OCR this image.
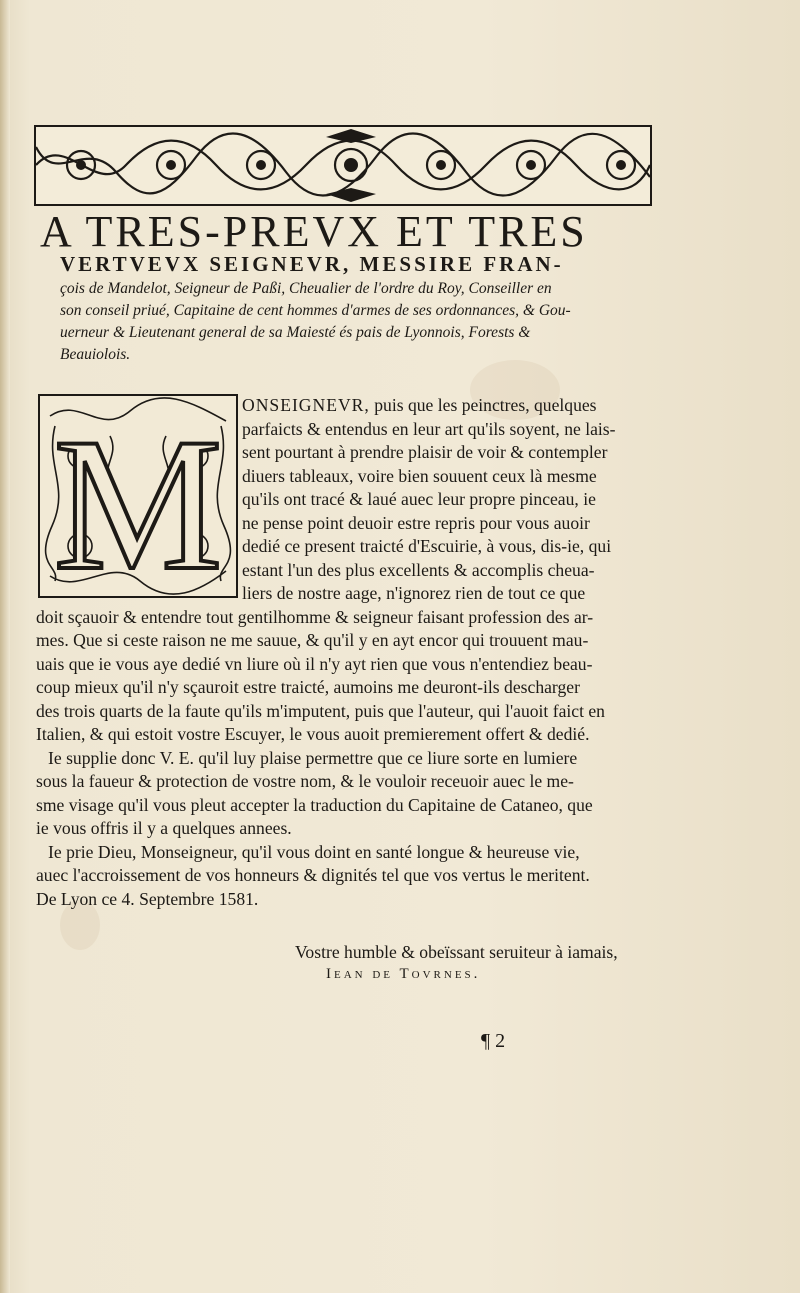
A TRES-PREVX ET TRES
VERTVEVX SEIGNEVR, MESSIRE FRAN-
çois de Mandelot, Seigneur de Paßi, Cheualier de l'ordre du Roy, Conseiller en
son conseil priué, Capitaine de cent hommes d'armes de ses ordonnances, & Gou-
uerneur & Lieutenant general de sa Maiesté és pais de Lyonnois, Forests &
Beauiolois.
M ONSEIGNEVR, puis que les peinctres, quelques
parfaicts & entendus en leur art qu'ils soyent, ne lais-
sent pourtant à prendre plaisir de voir & contempler
diuers tableaux, voire bien souuent ceux là mesme
qu'ils ont tracé & laué auec leur propre pinceau, ie
ne pense point deuoir estre repris pour vous auoir
dedié ce present traicté d'Escuirie, à vous, dis-ie, qui
estant l'un des plus excellents & accomplis cheua-
liers de nostre aage, n'ignorez rien de tout ce que
doit sçauoir & entendre tout gentilhomme & seigneur faisant profession des ar-
mes. Que si ceste raison ne me sauue, & qu'il y en ayt encor qui trouuent mau-
uais que ie vous aye dedié vn liure où il n'y ayt rien que vous n'entendiez beau-
coup mieux qu'il n'y sçauroit estre traicté, aumoins me deuront-ils descharger
des trois quarts de la faute qu'ils m'imputent, puis que l'auteur, qui l'auoit faict en
Italien, & qui estoit vostre Escuyer, le vous auoit premierement offert & dedié.
Ie supplie donc V. E. qu'il luy plaise permettre que ce liure sorte en lumiere
sous la faueur & protection de vostre nom, & le vouloir receuoir auec le me-
sme visage qu'il vous pleut accepter la traduction du Capitaine de Cataneo, que
ie vous offris il y a quelques annees.
Ie prie Dieu, Monseigneur, qu'il vous doint en santé longue & heureuse vie,
auec l'accroissement de vos honneurs & dignités tel que vos vertus le meritent.
De Lyon ce 4. Septembre 1581.
Vostre humble & obeïssant seruiteur à iamais,
Iean de Tovrnes.
¶ 2
